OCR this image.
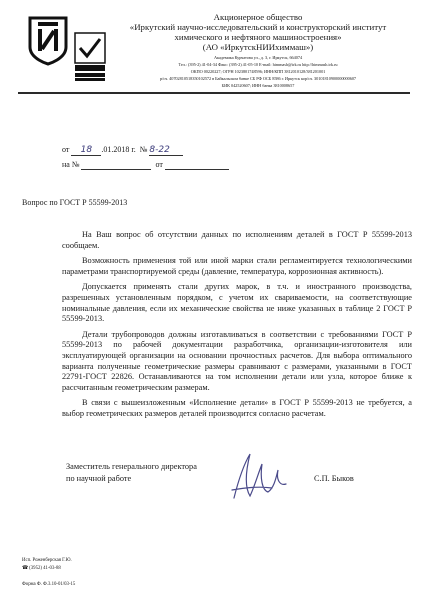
Акционерное общество
«Иркутский научно-исследовательский и конструкторский институт
химического и нефтяного машиностроения»
(АО «ИркутскНИИхиммаш»)
Академика Курчатова ул., д. 3, г. Иркутск, 664074
Тел.: (395-2) 41-04-34 Факс: (395-2) 41-05-10 E-mail: himmash@irk.ru http://himmash.irk.ru
ОКПО 00220227; ОГРН 1023801748596; ИНН/КПП 3812010128/381201001
р/сч. 40702810518350102572 в Байкальском банке СБ РФ ОСБ 8586 г. Иркутск кор/сч. 30101810900000000607
БИК 042520607; ИНН банка 3810008657
от 18 .01.2018 г. № 8-22
на №	от
Вопрос по ГОСТ Р 55599-2013

На Ваш вопрос об отсутствии данных по исполнениям деталей в ГОСТ Р 55599-2013 сообщаем.

Возможность применения той или иной марки стали регламентируется технологическими параметрами транспортируемой среды (давление, температура, коррозионная активность).

Допускается применять стали других марок, в т.ч. и иностранного производства, разрешенных установленным порядком, с учетом их свариваемости, на соответствующие номинальные давления, если их механические свойства не ниже указанных в таблице 2 ГОСТ Р 55599-2013.

Детали трубопроводов должны изготавливаться в соответствии с требованиями ГОСТ Р 55599-2013 по рабочей документации разработчика, организации-изготовителя или эксплуатирующей организации на основании прочностных расчетов. Для выбора оптимального варианта полученные геометрические размеры сравнивают с размерами, указанными в ГОСТ 22791-ГОСТ 22826. Останавливаются на том исполнении детали или узла, которое ближе к рассчитанным геометрическим размерам.

В связи с вышеизложенным «Исполнение детали» в ГОСТ Р 55599-2013 не требуется, а выбор геометрических размеров деталей производится согласно расчетам.

Заместитель генерального директора
по научной работе	С.П. Быков
Исп. Роженберская Г.Ю.
☎ (3952) 41-03-88
Форма Ф. Ф.3.10-01/03-15
